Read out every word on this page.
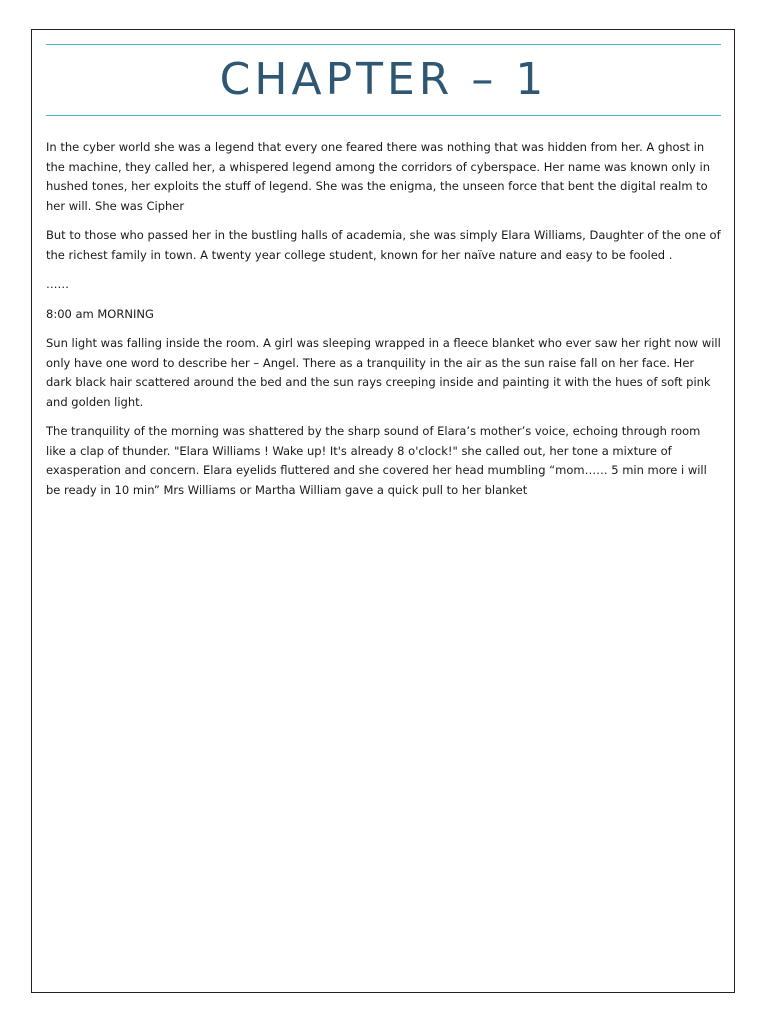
CHAPTER – 1

In the cyber world she was a legend that every one feared there was nothing that was hidden from her. A ghost in the machine, they called her, a whispered legend among the corridors of cyberspace. Her name was known only in hushed tones, her exploits the stuff of legend. She was the enigma, the unseen force that bent the digital realm to her will. She was Cipher

But to those who passed her in the bustling halls of academia, she was simply Elara Williams, Daughter of the one of the richest family in town. A twenty year college student, known for her naïve nature and easy to be fooled .

……

8:00 am MORNING

Sun light was falling inside the room. A girl was sleeping wrapped in a fleece blanket who ever saw her right now will only have one word to describe her – Angel. There as a tranquility in the air as the sun raise fall on her face. Her dark black hair scattered around the bed and the sun rays creeping inside and painting it with the hues of soft pink and golden light.

The tranquility of the morning was shattered by the sharp sound of Elara’s mother’s voice, echoing through room like a clap of thunder. "Elara Williams ! Wake up! It's already 8 o'clock!" she called out, her tone a mixture of exasperation and concern. Elara eyelids fluttered and she covered her head mumbling “mom…… 5 min more i will be ready in 10 min” Mrs Williams or Martha William gave a quick pull to her blanket
